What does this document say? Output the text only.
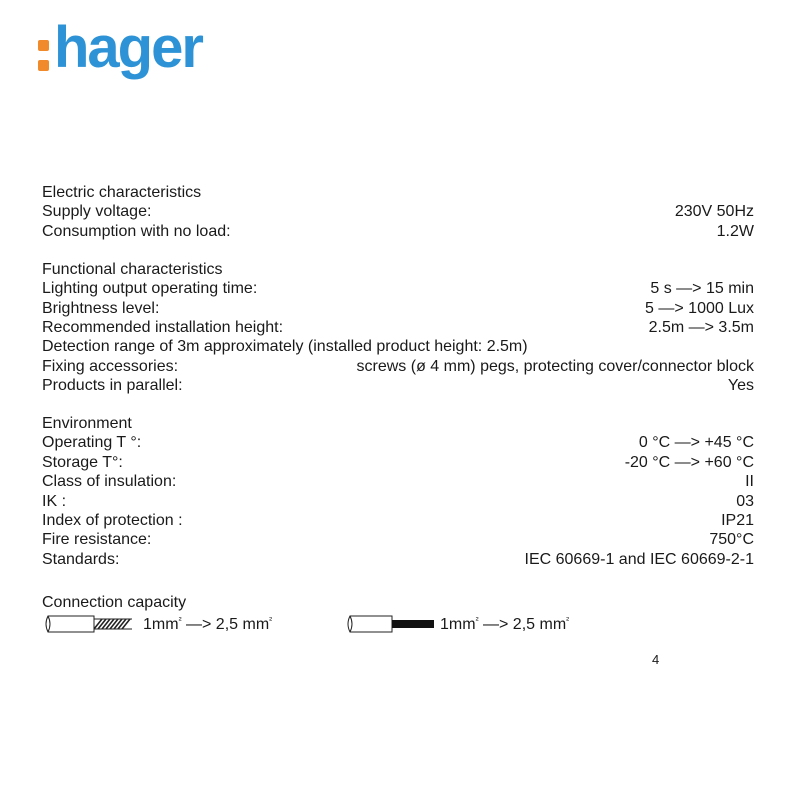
hager
Electric characteristics
Supply voltage:	230V 50Hz
Consumption with no load:	1.2W
Functional characteristics
Lighting output operating time:	5 s —> 15 min
Brightness level:	5 —> 1000 Lux
Recommended installation height:	2.5m —> 3.5m
Detection range of 3m approximately (installed product height: 2.5m)
Fixing accessories:	screws (ø 4 mm) pegs, protecting cover/connector block
Products in parallel:	Yes
Environment
Operating T °:	0 °C —> +45 °C
Storage T°:	-20 °C —> +60 °C
Class of insulation:	II
IK :	03
Index of protection :	IP21
Fire resistance:	750°C
Standards:	IEC 60669-1 and IEC 60669-2-1
Connection capacity
$1mm^{^2}$ —> 2,5 $mm^{^2}$	$1mm^{^2}$ —> 2,5 $mm^{^2}$
4
